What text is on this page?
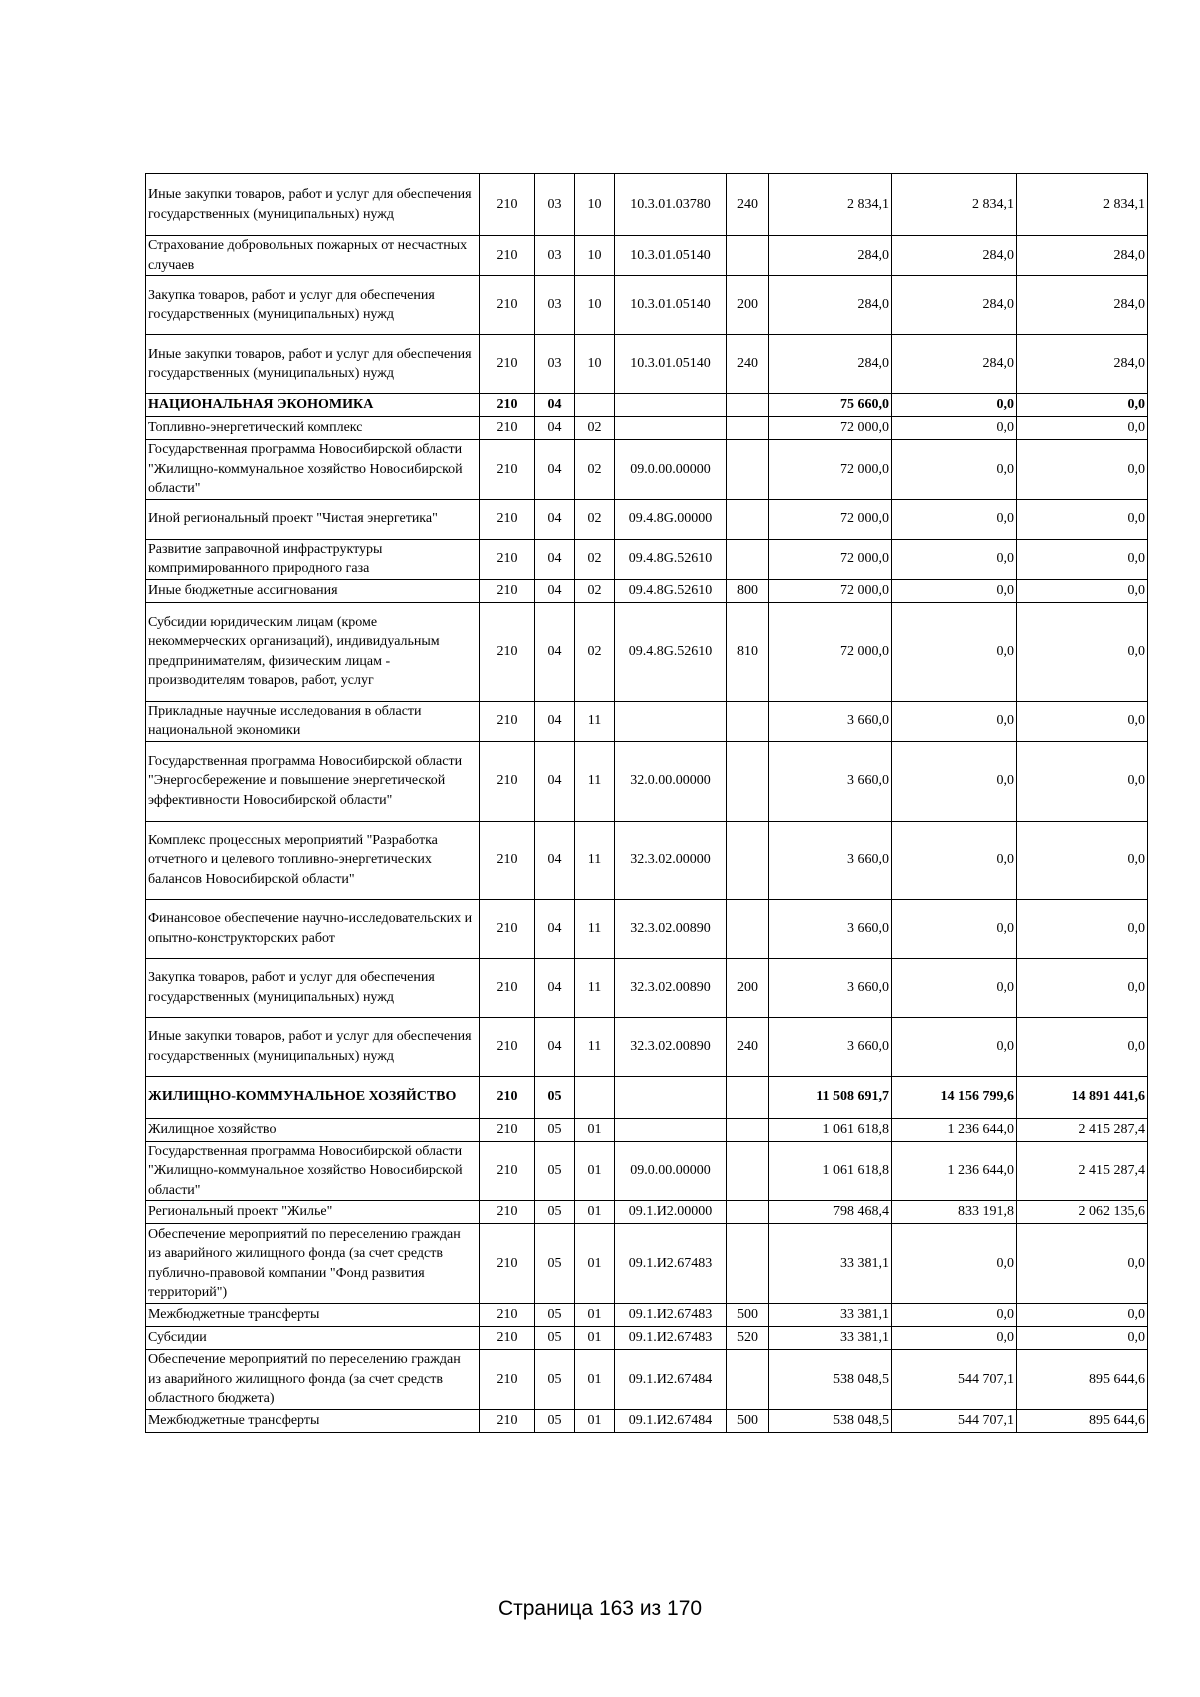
Иные закупки товаров, работ и услуг для обеспечения государственных (муниципальных) нужд	210	03	10	10.3.01.03780	240	2 834,1	2 834,1	2 834,1
Страхование добровольных пожарных от несчастных случаев	210	03	10	10.3.01.05140		284,0	284,0	284,0
Закупка товаров, работ и услуг для обеспечения государственных (муниципальных) нужд	210	03	10	10.3.01.05140	200	284,0	284,0	284,0
Иные закупки товаров, работ и услуг для обеспечения государственных (муниципальных) нужд	210	03	10	10.3.01.05140	240	284,0	284,0	284,0
НАЦИОНАЛЬНАЯ ЭКОНОМИКА	210	04				75 660,0	0,0	0,0
Топливно-энергетический комплекс	210	04	02			72 000,0	0,0	0,0
Государственная программа Новосибирской области "Жилищно-коммунальное хозяйство Новосибирской области"	210	04	02	09.0.00.00000		72 000,0	0,0	0,0
Иной региональный проект "Чистая энергетика"	210	04	02	09.4.8G.00000		72 000,0	0,0	0,0
Развитие заправочной инфраструктуры компримированного природного газа	210	04	02	09.4.8G.52610		72 000,0	0,0	0,0
Иные бюджетные ассигнования	210	04	02	09.4.8G.52610	800	72 000,0	0,0	0,0
Субсидии юридическим лицам (кроме некоммерческих организаций), индивидуальным предпринимателям, физическим лицам - производителям товаров, работ, услуг	210	04	02	09.4.8G.52610	810	72 000,0	0,0	0,0
Прикладные научные исследования в области национальной экономики	210	04	11			3 660,0	0,0	0,0
Государственная программа Новосибирской области "Энергосбережение и повышение энергетической эффективности Новосибирской области"	210	04	11	32.0.00.00000		3 660,0	0,0	0,0
Комплекс процессных мероприятий "Разработка отчетного и целевого топливно-энергетических балансов Новосибирской области"	210	04	11	32.3.02.00000		3 660,0	0,0	0,0
Финансовое обеспечение научно-исследовательских и опытно-конструкторских работ	210	04	11	32.3.02.00890		3 660,0	0,0	0,0
Закупка товаров, работ и услуг для обеспечения государственных (муниципальных) нужд	210	04	11	32.3.02.00890	200	3 660,0	0,0	0,0
Иные закупки товаров, работ и услуг для обеспечения государственных (муниципальных) нужд	210	04	11	32.3.02.00890	240	3 660,0	0,0	0,0
ЖИЛИЩНО-КОММУНАЛЬНОЕ ХОЗЯЙСТВО	210	05				11 508 691,7	14 156 799,6	14 891 441,6
Жилищное хозяйство	210	05	01			1 061 618,8	1 236 644,0	2 415 287,4
Государственная программа Новосибирской области "Жилищно-коммунальное хозяйство Новосибирской области"	210	05	01	09.0.00.00000		1 061 618,8	1 236 644,0	2 415 287,4
Региональный проект "Жилье"	210	05	01	09.1.И2.00000		798 468,4	833 191,8	2 062 135,6
Обеспечение мероприятий по переселению граждан из аварийного жилищного фонда (за счет средств публично-правовой компании "Фонд развития территорий")	210	05	01	09.1.И2.67483		33 381,1	0,0	0,0
Межбюджетные трансферты	210	05	01	09.1.И2.67483	500	33 381,1	0,0	0,0
Субсидии	210	05	01	09.1.И2.67483	520	33 381,1	0,0	0,0
Обеспечение мероприятий по переселению граждан из аварийного жилищного фонда (за счет средств областного бюджета)	210	05	01	09.1.И2.67484		538 048,5	544 707,1	895 644,6
Межбюджетные трансферты	210	05	01	09.1.И2.67484	500	538 048,5	544 707,1	895 644,6
Страница 163 из 170
